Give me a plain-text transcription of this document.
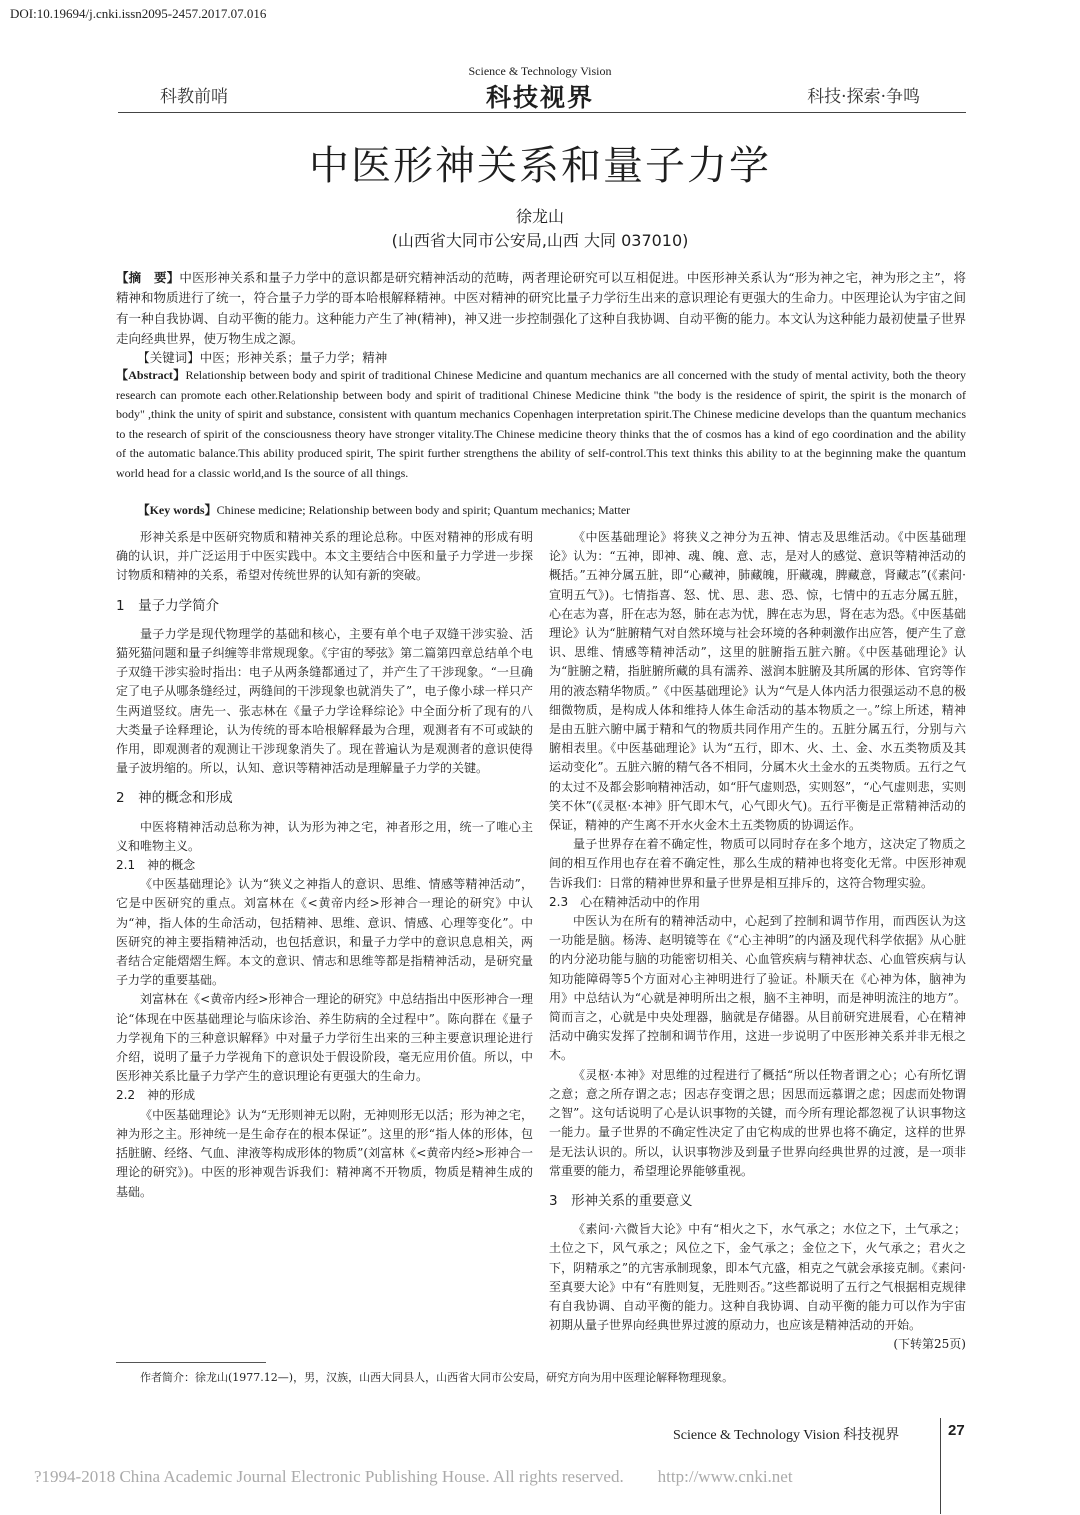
DOI:10.19694/j.cnki.issn2095-2457.2017.07.016
Science & Technology Vision
科教前哨	科技视界	科技·探索·争鸣
中医形神关系和量子力学
徐龙山
(山西省大同市公安局,山西 大同 037010)
【摘　要】中医形神关系和量子力学中的意识都是研究精神活动的范畴，两者理论研究可以互相促进。中医形神关系认为“形为神之宅，神为形之主”，将精神和物质进行了统一，符合量子力学的哥本哈根解释精神。中医对精神的研究比量子力学衍生出来的意识理论有更强大的生命力。中医理论认为宇宙之间有一种自我协调、自动平衡的能力。这种能力产生了神(精神)，神又进一步控制强化了这种自我协调、自动平衡的能力。本文认为这种能力最初使量子世界走向经典世界，使万物生成之源。
【关键词】中医；形神关系；量子力学；精神
【Abstract】Relationship between body and spirit of traditional Chinese Medicine and quantum mechanics are all concerned with the study of mental activity, both the theory research can promote each other.Relationship between body and spirit of traditional Chinese Medicine think "the body is the residence of spirit, the spirit is the monarch of body" ,think the unity of spirit and substance, consistent with quantum mechanics Copenhagen interpretation spirit.The Chinese medicine develops than the quantum mechanics to the research of spirit of the consciousness theory have stronger vitality.The Chinese medicine theory thinks that the of cosmos has a kind of ego coordination and the ability of the automatic balance.This ability produced spirit, The spirit further strengthens the ability of self-control.This text thinks this ability to at the beginning make the quantum world head for a classic world,and Is the source of all things.
【Key words】Chinese medicine; Relationship between body and spirit; Quantum mechanics; Matter

形神关系是中医研究物质和精神关系的理论总称。中医对精神的形成有明确的认识，并广泛运用于中医实践中。本文主要结合中医和量子力学进一步探讨物质和精神的关系，希望对传统世界的认知有新的突破。

1　量子力学简介

量子力学是现代物理学的基础和核心，主要有单个电子双缝干涉实验、活猫死猫问题和量子纠缠等非常规现象。《宇宙的琴弦》第二篇第四章总结单个电子双缝干涉实验时指出：电子从两条缝都通过了，并产生了干涉现象。“一旦确定了电子从哪条缝经过，两缝间的干涉现象也就消失了”，电子像小球一样只产生两道竖纹。唐先一、张志林在《量子力学诠释综论》中全面分析了现有的八大类量子诠释理论，认为传统的哥本哈根解释最为合理，观测者有不可或缺的作用，即观测者的观测让干涉现象消失了。现在普遍认为是观测者的意识使得量子波坍缩的。所以，认知、意识等精神活动是理解量子力学的关键。

2　神的概念和形成

中医将精神活动总称为神，认为形为神之宅，神者形之用，统一了唯心主义和唯物主义。

2.1　神的概念

《中医基础理论》认为“狭义之神指人的意识、思维、情感等精神活动”，它是中医研究的重点。刘富林在《<黄帝内经>形神合一理论的研究》中认为“神，指人体的生命活动，包括精神、思维、意识、情感、心理等变化”。中医研究的神主要指精神活动，也包括意识，和量子力学中的意识息息相关，两者结合定能熠熠生辉。本文的意识、情志和思维等都是指精神活动，是研究量子力学的重要基础。

刘富林在《<黄帝内经>形神合一理论的研究》中总结指出中医形神合一理论“体现在中医基础理论与临床诊治、养生防病的全过程中”。陈向群在《量子力学视角下的三种意识解释》中对量子力学衍生出来的三种主要意识理论进行介绍，说明了量子力学视角下的意识处于假设阶段，毫无应用价值。所以，中医形神关系比量子力学产生的意识理论有更强大的生命力。

2.2　神的形成

《中医基础理论》认为“无形则神无以附，无神则形无以活；形为神之宅，神为形之主。形神统一是生命存在的根本保证”。这里的形“指人体的形体，包括脏腑、经络、气血、津液等构成形体的物质”(刘富林《<黄帝内经>形神合一理论的研究》)。中医的形神观告诉我们：精神离不开物质，物质是精神生成的基础。

《中医基础理论》将狭义之神分为五神、情志及思维活动。《中医基础理论》认为：“五神，即神、魂、魄、意、志，是对人的感觉、意识等精神活动的概括。”五神分属五脏，即“心藏神，肺藏魄，肝藏魂，脾藏意，肾藏志”(《素问·宣明五气》)。七情指喜、怒、忧、思、悲、恐、惊，七情中的五志分属五脏，心在志为喜，肝在志为怒，肺在志为忧，脾在志为思，肾在志为恐。《中医基础理论》认为“脏腑精气对自然环境与社会环境的各种刺激作出应答，便产生了意识、思维、情感等精神活动”，这里的脏腑指五脏六腑。《中医基础理论》认为“脏腑之精，指脏腑所藏的具有濡养、滋润本脏腑及其所属的形体、官窍等作用的液态精华物质。”《中医基础理论》认为“气是人体内活力很强运动不息的极细微物质，是构成人体和维持人体生命活动的基本物质之一。”综上所述，精神是由五脏六腑中属于精和气的物质共同作用产生的。五脏分属五行，分别与六腑相表里。《中医基础理论》认为“五行，即木、火、土、金、水五类物质及其运动变化”。五脏六腑的精气各不相同，分属木火土金水的五类物质。五行之气的太过不及都会影响精神活动，如“肝气虚则恐，实则怒”，“心气虚则悲，实则笑不休”(《灵枢·本神》肝气即木气，心气即火气)。五行平衡是正常精神活动的保证，精神的产生离不开水火金木土五类物质的协调运作。

量子世界存在着不确定性，物质可以同时存在多个地方，这决定了物质之间的相互作用也存在着不确定性，那么生成的精神也将变化无常。中医形神观告诉我们：日常的精神世界和量子世界是相互排斥的，这符合物理实验。

2.3　心在精神活动中的作用

中医认为在所有的精神活动中，心起到了控制和调节作用，而西医认为这一功能是脑。杨涛、赵明镜等在《“心主神明”的内涵及现代科学依据》从心脏的内分泌功能与脑的功能密切相关、心血管疾病与精神状态、心血管疾病与认知功能障碍等5个方面对心主神明进行了验证。朴顺天在《心神为体，脑神为用》中总结认为“心就是神明所出之根，脑不主神明，而是神明流注的地方”。简而言之，心就是中央处理器，脑就是存储器。从目前研究进展看，心在精神活动中确实发挥了控制和调节作用，这进一步说明了中医形神关系并非无根之木。

《灵枢·本神》对思维的过程进行了概括“所以任物者谓之心；心有所忆谓之意；意之所存谓之志；因志存变谓之思；因思而远慕谓之虑；因虑而处物谓之智”。这句话说明了心是认识事物的关键，而今所有理论都忽视了认识事物这一能力。量子世界的不确定性决定了由它构成的世界也将不确定，这样的世界是无法认识的。所以，认识事物涉及到量子世界向经典世界的过渡，是一项非常重要的能力，希望理论界能够重视。

3　形神关系的重要意义

《素问·六微旨大论》中有“相火之下，水气承之；水位之下，土气承之；土位之下，风气承之；风位之下，金气承之；金位之下，火气承之；君火之下，阴精承之”的亢害承制现象，即本气亢盛，相克之气就会承接克制。《素问·至真要大论》中有“有胜则复，无胜则否。”这些都说明了五行之气根据相克规律有自我协调、自动平衡的能力。这种自我协调、自动平衡的能力可以作为宇宙初期从量子世界向经典世界过渡的原动力，也应该是精神活动的开始。

(下转第25页)
作者简介：徐龙山(1977.12—)，男，汉族，山西大同县人，山西省大同市公安局，研究方向为用中医理论解释物理现象。
Science & Technology Vision 科技视界	27
?1994-2018 China Academic Journal Electronic Publishing House. All rights reserved.　　http://www.cnki.net
